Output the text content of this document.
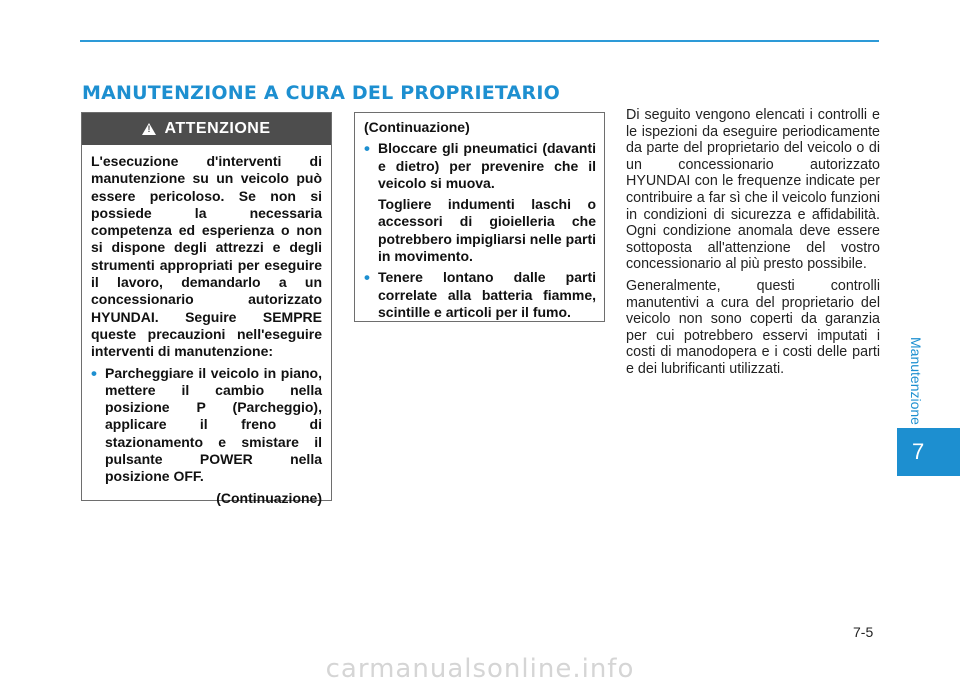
MANUTENZIONE A CURA DEL PROPRIETARIO
!
ATTENZIONE

L'esecuzione d'interventi di manutenzione su un veicolo può essere pericoloso. Se non si possiede la necessaria competenza ed esperienza o non si dispone degli attrezzi e degli strumenti appropriati per eseguire il lavoro, demandarlo a un concessionario autorizzato HYUNDAI. Seguire SEMPRE queste precauzioni nell'eseguire interventi di manutenzione:

• Parcheggiare il veicolo in piano, mettere il cambio nella posizione P (Parcheggio), applicare il freno di stazionamento e smistare il pulsante POWER nella posizione OFF.

(Continuazione)

(Continuazione)

• Bloccare gli pneumatici (davanti e dietro) per prevenire che il veicolo si muova.

Togliere indumenti laschi o accessori di gioielleria che potrebbero impigliarsi nelle parti in movimento.

• Tenere lontano dalle parti correlate alla batteria fiamme, scintille e articoli per il fumo.

Di seguito vengono elencati i controlli e le ispezioni da eseguire periodicamente da parte del proprietario del veicolo o di un concessionario autorizzato HYUNDAI con le frequenze indicate per contribuire a far sì che il veicolo funzioni in condizioni di sicurezza e affidabilità. Ogni condizione anomala deve essere sottoposta all'attenzione del vostro concessionario al più presto possibile.

Generalmente, questi controlli manutentivi a cura del proprietario del veicolo non sono coperti da garanzia per cui potrebbero esservi imputati i costi di manodopera e i costi delle parti e dei lubrificanti utilizzati.	Manutenzione
7
7-5
carmanualsonline.info
